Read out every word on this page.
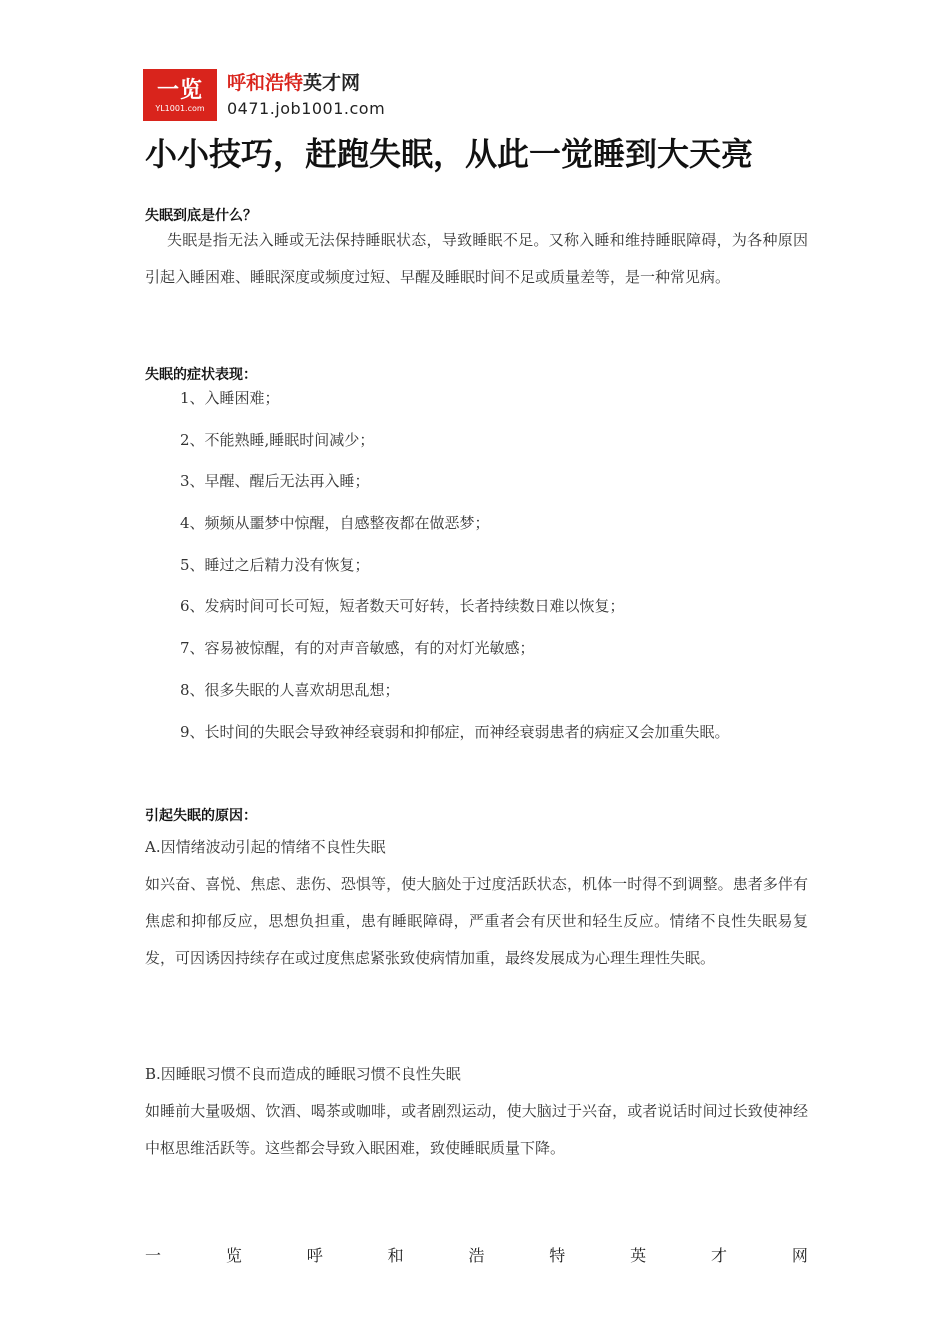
一览
YL1001.com
呼和浩特英才网
0471.job1001.com
小小技巧，赶跑失眠，从此一觉睡到大天亮
失眠到底是什么？

失眠是指无法入睡或无法保持睡眠状态，导致睡眠不足。又称入睡和维持睡眠障碍，为各种原因引起入睡困难、睡眠深度或频度过短、早醒及睡眠时间不足或质量差等，是一种常见病。

失眠的症状表现：
1、入睡困难；
2、不能熟睡,睡眠时间减少；
3、早醒、醒后无法再入睡；
4、频频从噩梦中惊醒，自感整夜都在做恶梦；
5、睡过之后精力没有恢复；
6、发病时间可长可短，短者数天可好转，长者持续数日难以恢复；
7、容易被惊醒，有的对声音敏感，有的对灯光敏感；
8、很多失眠的人喜欢胡思乱想；
9、长时间的失眠会导致神经衰弱和抑郁症，而神经衰弱患者的病症又会加重失眠。
引起失眠的原因：
A.因情绪波动引起的情绪不良性失眠

如兴奋、喜悦、焦虑、悲伤、恐惧等，使大脑处于过度活跃状态，机体一时得不到调整。患者多伴有焦虑和抑郁反应，思想负担重，患有睡眠障碍，严重者会有厌世和轻生反应。情绪不良性失眠易复发，可因诱因持续存在或过度焦虑紧张致使病情加重，最终发展成为心理生理性失眠。

B.因睡眠习惯不良而造成的睡眠习惯不良性失眠

如睡前大量吸烟、饮酒、喝茶或咖啡，或者剧烈运动，使大脑过于兴奋，或者说话时间过长致使神经中枢思维活跃等。这些都会导致入眠困难，致使睡眠质量下降。

一	览	呼	和	浩	特	英	才	网
